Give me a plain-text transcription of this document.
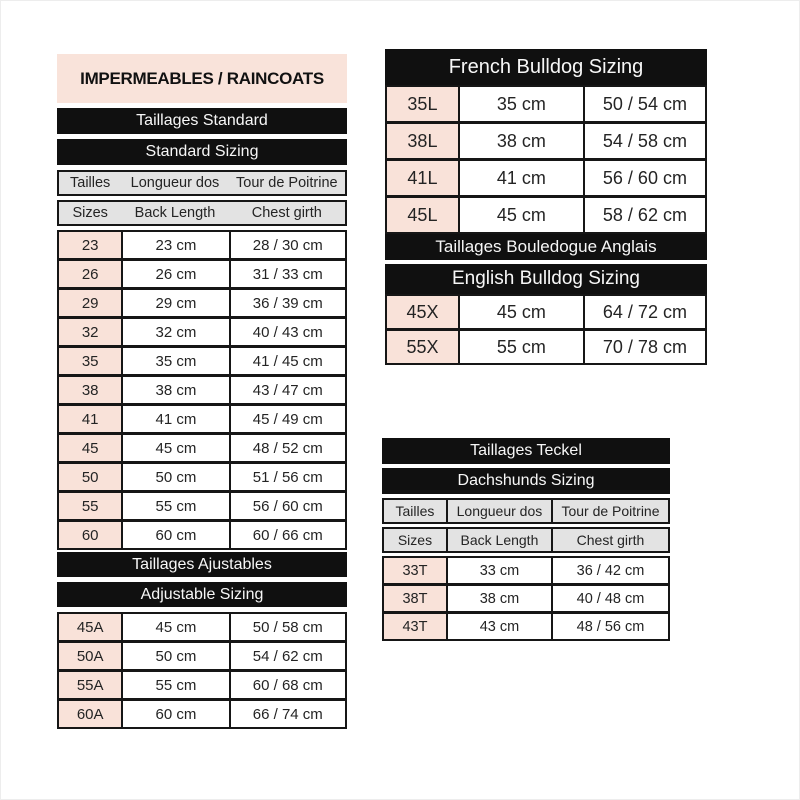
IMPERMEABLES / RAINCOATS
Taillages Standard
Standard Sizing
Tailles	Longueur dos	Tour de Poitrine
Sizes	Back Length	Chest girth
23	23 cm	28 / 30 cm
26	26 cm	31 / 33 cm
29	29 cm	36 / 39 cm
32	32 cm	40 / 43 cm
35	35 cm	41 / 45 cm
38	38 cm	43 / 47 cm
41	41 cm	45 / 49 cm
45	45 cm	48 / 52 cm
50	50 cm	51 / 56 cm
55	55 cm	56 / 60 cm
60	60 cm	60 / 66 cm
Taillages Ajustables
Adjustable Sizing
45A	45 cm	50 / 58 cm
50A	50 cm	54 / 62 cm
55A	55 cm	60 / 68 cm
60A	60 cm	66 / 74 cm
French Bulldog Sizing
35L	35 cm	50 / 54 cm
38L	38 cm	54 / 58 cm
41L	41 cm	56 / 60 cm
45L	45 cm	58 / 62 cm
Taillages Bouledogue Anglais
English Bulldog Sizing
45X	45 cm	64 / 72 cm
55X	55 cm	70 / 78 cm
Taillages Teckel
Dachshunds Sizing
Tailles	Longueur dos	Tour de Poitrine
Sizes	Back Length	Chest girth
33T	33 cm	36 / 42 cm
38T	38 cm	40 / 48 cm
43T	43 cm	48 / 56 cm
